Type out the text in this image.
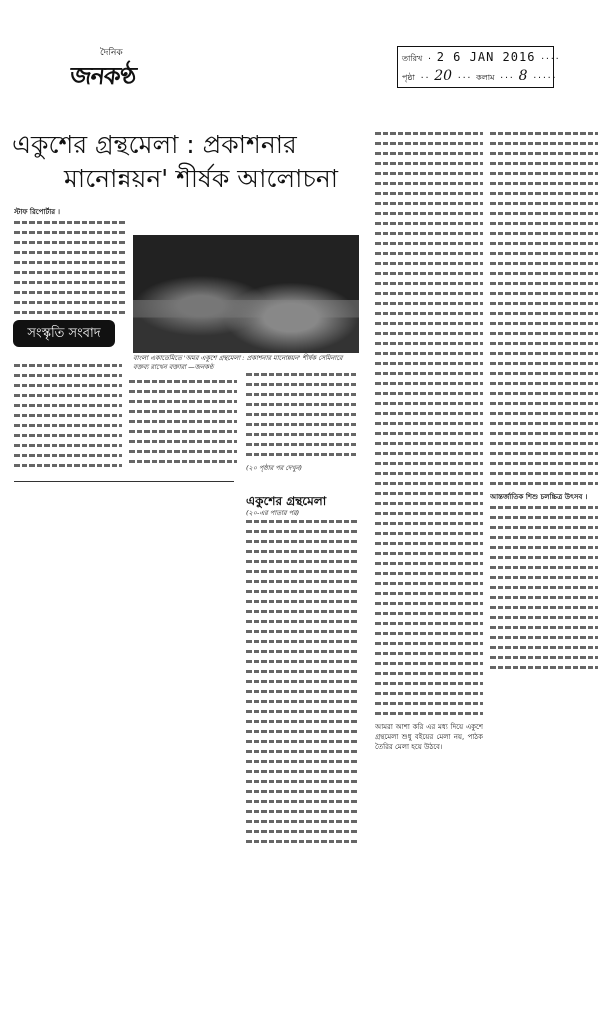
দৈনিক
জনকণ্ঠ
তারিখ · 2 6 JAN 2016 ····
পৃষ্ঠা ·· 20 ··· কলাম ··· 8 ·····
একুশের গ্রন্থমেলা : প্রকাশনার
মানোন্নয়ন' শীর্ষক আলোচনা

স্টাফ রিপোর্টার ।

সংস্কৃতি সংবাদ
বাংলা একাডেমিতে 'অমর একুশে গ্রন্থমেলা : প্রকাশনার মানোন্নয়ন' শীর্ষক সেমিনারে বক্তব্য রাখেন বক্তারা —জনকণ্ঠ

(২০ পৃষ্ঠার পর দেখুন)

একুশের গ্রন্থমেলা
(২০-এর পাতার পর)

আমরা আশা করি এর মধ্য দিয়ে একুশে গ্রন্থমেলা শুধু বইয়ের মেলা নয়, পাঠক তৈরির মেলা হয়ে উঠবে।

আন্তর্জাতিক শিশু চলচ্চিত্র উৎসব ।
